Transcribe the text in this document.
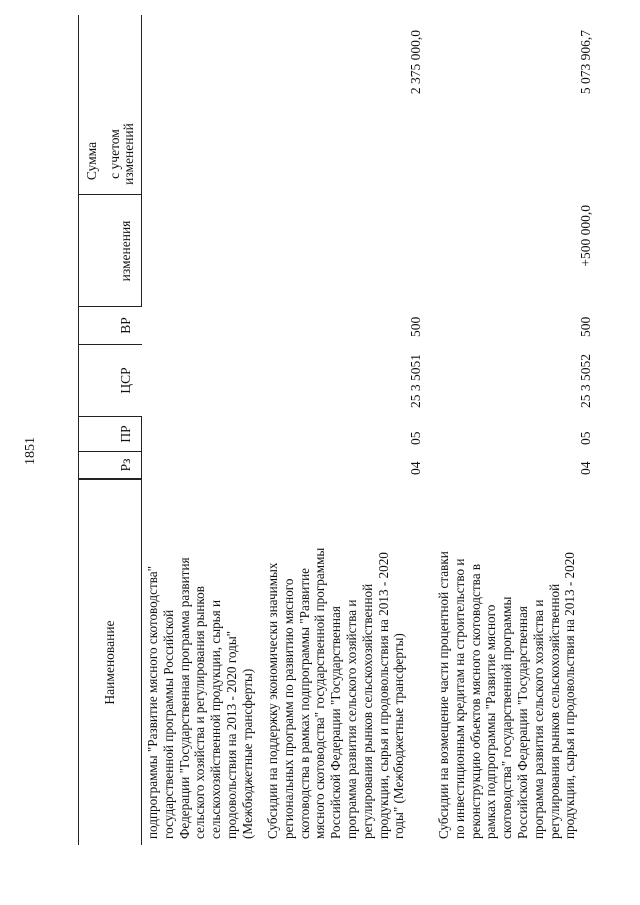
1851
Наименование
Рз
ПР
ЦСР
ВР
Сумма
изменения
с учетом изменений
подпрограммы "Развитие мясного скотоводства" государственной программы Российской Федерации "Государственная программа развития сельского хозяйства и регулирования рынков сельскохозяйственной продукции, сырья и продовольствия на 2013 - 2020 годы" (Межбюджетные трансферты) Субсидии на поддержку экономически значимых региональных программ по развитию мясного скотоводства в рамках подпрограммы "Развитие мясного скотоводства" государственной программы Российской Федерации "Государственная программа развития сельского хозяйства и регулирования рынков сельскохозяйственной продукции, сырья и продовольствия на 2013 - 2020 годы" (Межбюджетные трансферты)
04
05
25 3 5051
500
2 375 000,0
Субсидии на возмещение части процентной ставки по инвестиционным кредитам на строительство и реконструкцию объектов мясного скотоводства в рамках подпрограммы "Развитие мясного скотоводства" государственной программы Российской Федерации "Государственная программа развития сельского хозяйства и регулирования рынков сельскохозяйственной продукции, сырья и продовольствия на 2013 - 2020
04
05
25 3 5052
500
+500 000,0
5 073 906,7
